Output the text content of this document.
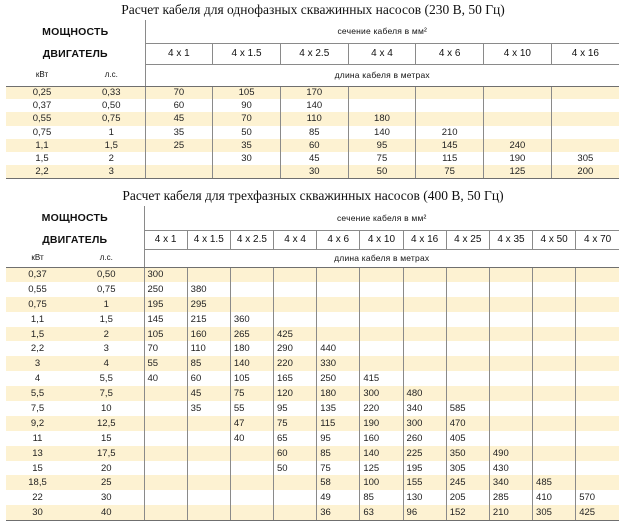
Расчет кабеля для однофазных скважинных насосов (230 В, 50 Гц)
МОЩНОСТЬ		сечение кабеля в мм²						
ДВИГАТЕЛЬ		4 x 1	4 x 1.5	4 x 2.5	4 x 4	4 x 6	4 x 10	4 x 16
кВт	л.с.	длина кабеля в метрах						
0,25	0,33	70	105	170				
0,37	0,50	60	90	140				
0,55	0,75	45	70	110	180			
0,75	1	35	50	85	140	210		
1,1	1,5	25	35	60	95	145	240	
1,5	2		30	45	75	115	190	305
2,2	3			30	50	75	125	200
Расчет кабеля для трехфазных скважинных насосов (400 В, 50 Гц)
МОЩНОСТЬ		сечение кабеля в мм²										
ДВИГАТЕЛЬ		4 x 1	4 x 1.5	4 x 2.5	4 x 4	4 x 6	4 x 10	4 x 16	4 x 25	4 x 35	4 x 50	4 x 70
кВт	л.с.	длина кабеля в метрах										
0,37	0,50	300										
0,55	0,75	250	380									
0,75	1	195	295									
1,1	1,5	145	215	360								
1,5	2	105	160	265	425							
2,2	3	70	110	180	290	440						
3	4	55	85	140	220	330						
4	5,5	40	60	105	165	250	415					
5,5	7,5		45	75	120	180	300	480				
7,5	10		35	55	95	135	220	340	585			
9,2	12,5			47	75	115	190	300	470			
11	15			40	65	95	160	260	405			
13	17,5				60	85	140	225	350	490		
15	20				50	75	125	195	305	430		
18,5	25					58	100	155	245	340	485	
22	30					49	85	130	205	285	410	570
30	40					36	63	96	152	210	305	425
